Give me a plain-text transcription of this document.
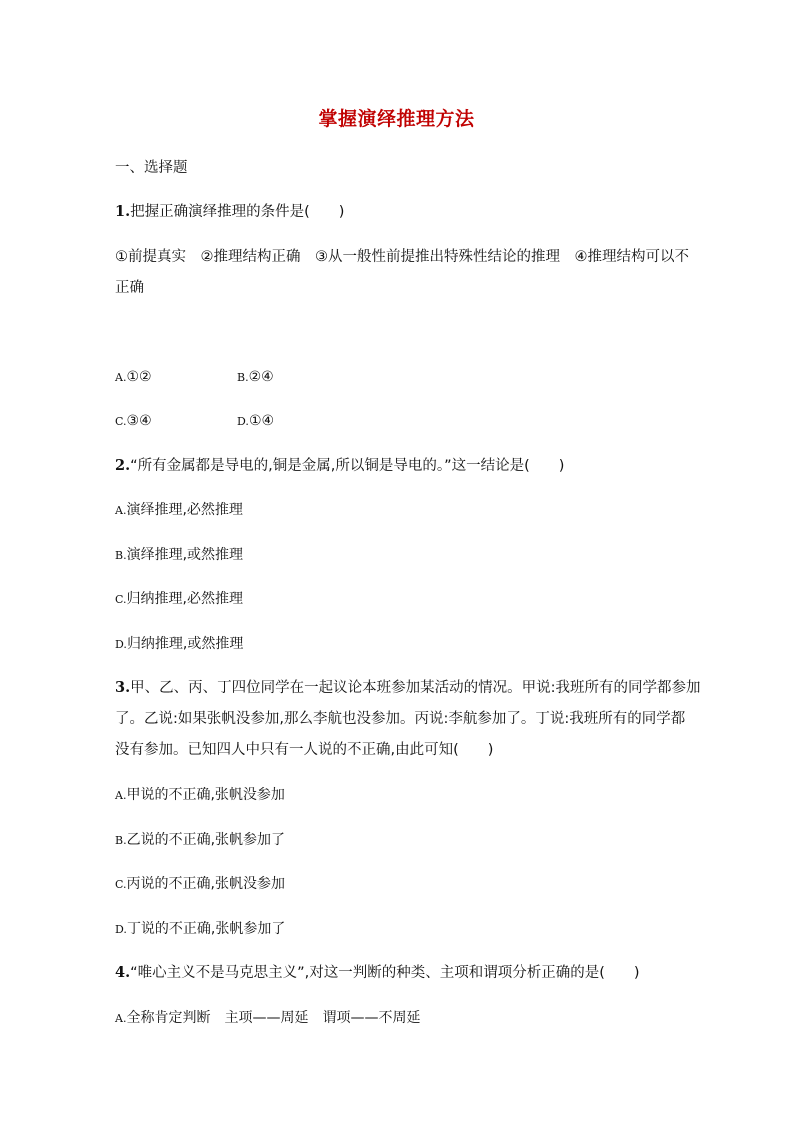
掌握演绎推理方法
一、选择题
1.把握正确演绎推理的条件是(　　)
①前提真实　②推理结构正确　③从一般性前提推出特殊性结论的推理　④推理结构可以不
正确
A.①②	B.②④
C.③④	D.①④
2.“所有金属都是导电的,铜是金属,所以铜是导电的。”这一结论是(　　)
A.演绎推理,必然推理
B.演绎推理,或然推理
C.归纳推理,必然推理
D.归纳推理,或然推理
3.甲、乙、丙、丁四位同学在一起议论本班参加某活动的情况。甲说:我班所有的同学都参加
了。乙说:如果张帆没参加,那么李航也没参加。丙说:李航参加了。丁说:我班所有的同学都
没有参加。已知四人中只有一人说的不正确,由此可知(　　)
A.甲说的不正确,张帆没参加
B.乙说的不正确,张帆参加了
C.丙说的不正确,张帆没参加
D.丁说的不正确,张帆参加了
4.“唯心主义不是马克思主义”,对这一判断的种类、主项和谓项分析正确的是(　　)
A.全称肯定判断　主项——周延　谓项——不周延
